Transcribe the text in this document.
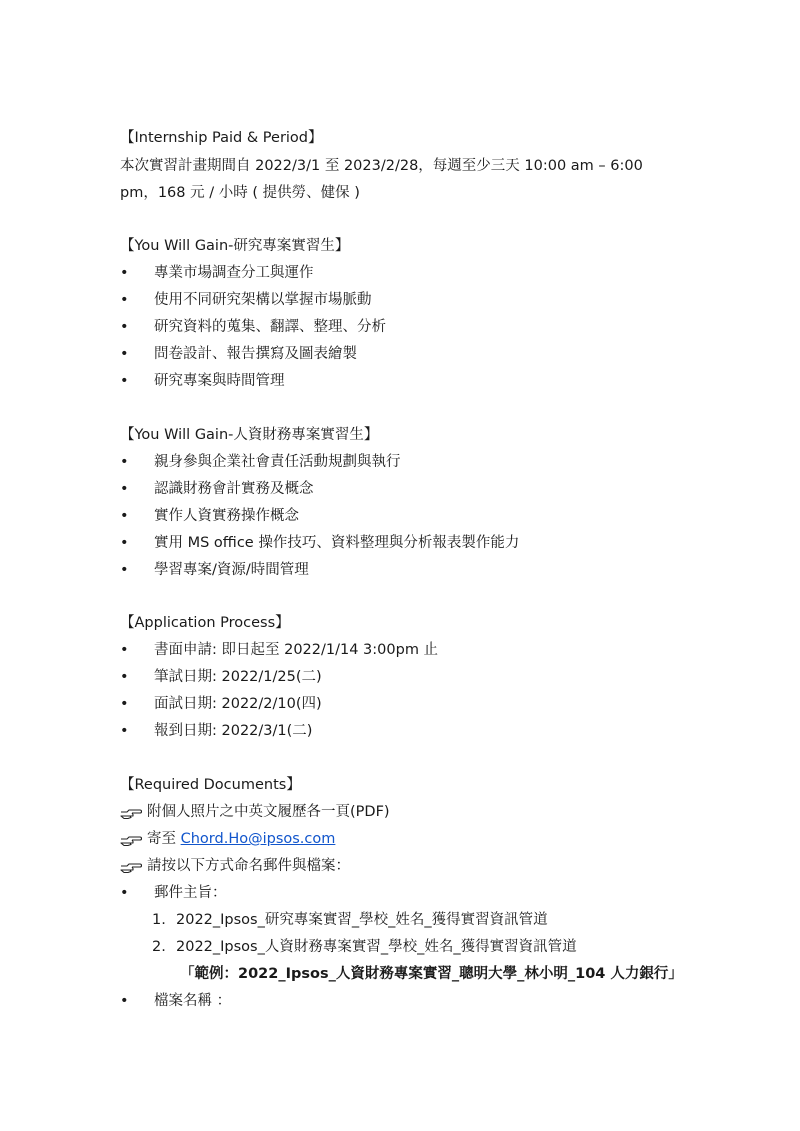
【Internship Paid & Period】
本次實習計畫期間自 2022/3/1 至 2023/2/28，每週至少三天 10:00 am – 6:00
pm，168 元 / 小時 ( 提供勞、健保 )
【You Will Gain-研究專案實習生】
•	專業市場調查分工與運作
•	使用不同研究架構以掌握市場脈動
•	研究資料的蒐集、翻譯、整理、分析
•	問卷設計、報告撰寫及圖表繪製
•	研究專案與時間管理
【You Will Gain-人資財務專案實習生】
•	親身參與企業社會責任活動規劃與執行
•	認識財務會計實務及概念
•	實作人資實務操作概念
•	實用 MS office 操作技巧、資料整理與分析報表製作能力
•	學習專案/資源/時間管理
【Application Process】
•	書面申請: 即日起至 2022/1/14 3:00pm 止
•	筆試日期: 2022/1/25(二)
•	面試日期: 2022/2/10(四)
•	報到日期: 2022/3/1(二)
【Required Documents】
附個人照片之中英文履歷各一頁(PDF)
寄至 Chord.Ho@ipsos.com
請按以下方式命名郵件與檔案：
•	郵件主旨：
1. 2022_Ipsos_研究專案實習_學校_姓名_獲得實習資訊管道
2. 2022_Ipsos_人資財務專案實習_學校_姓名_獲得實習資訊管道
「範例：2022_Ipsos_人資財務專案實習_聰明大學_林小明_104 人力銀行」
•	檔案名稱 ：
